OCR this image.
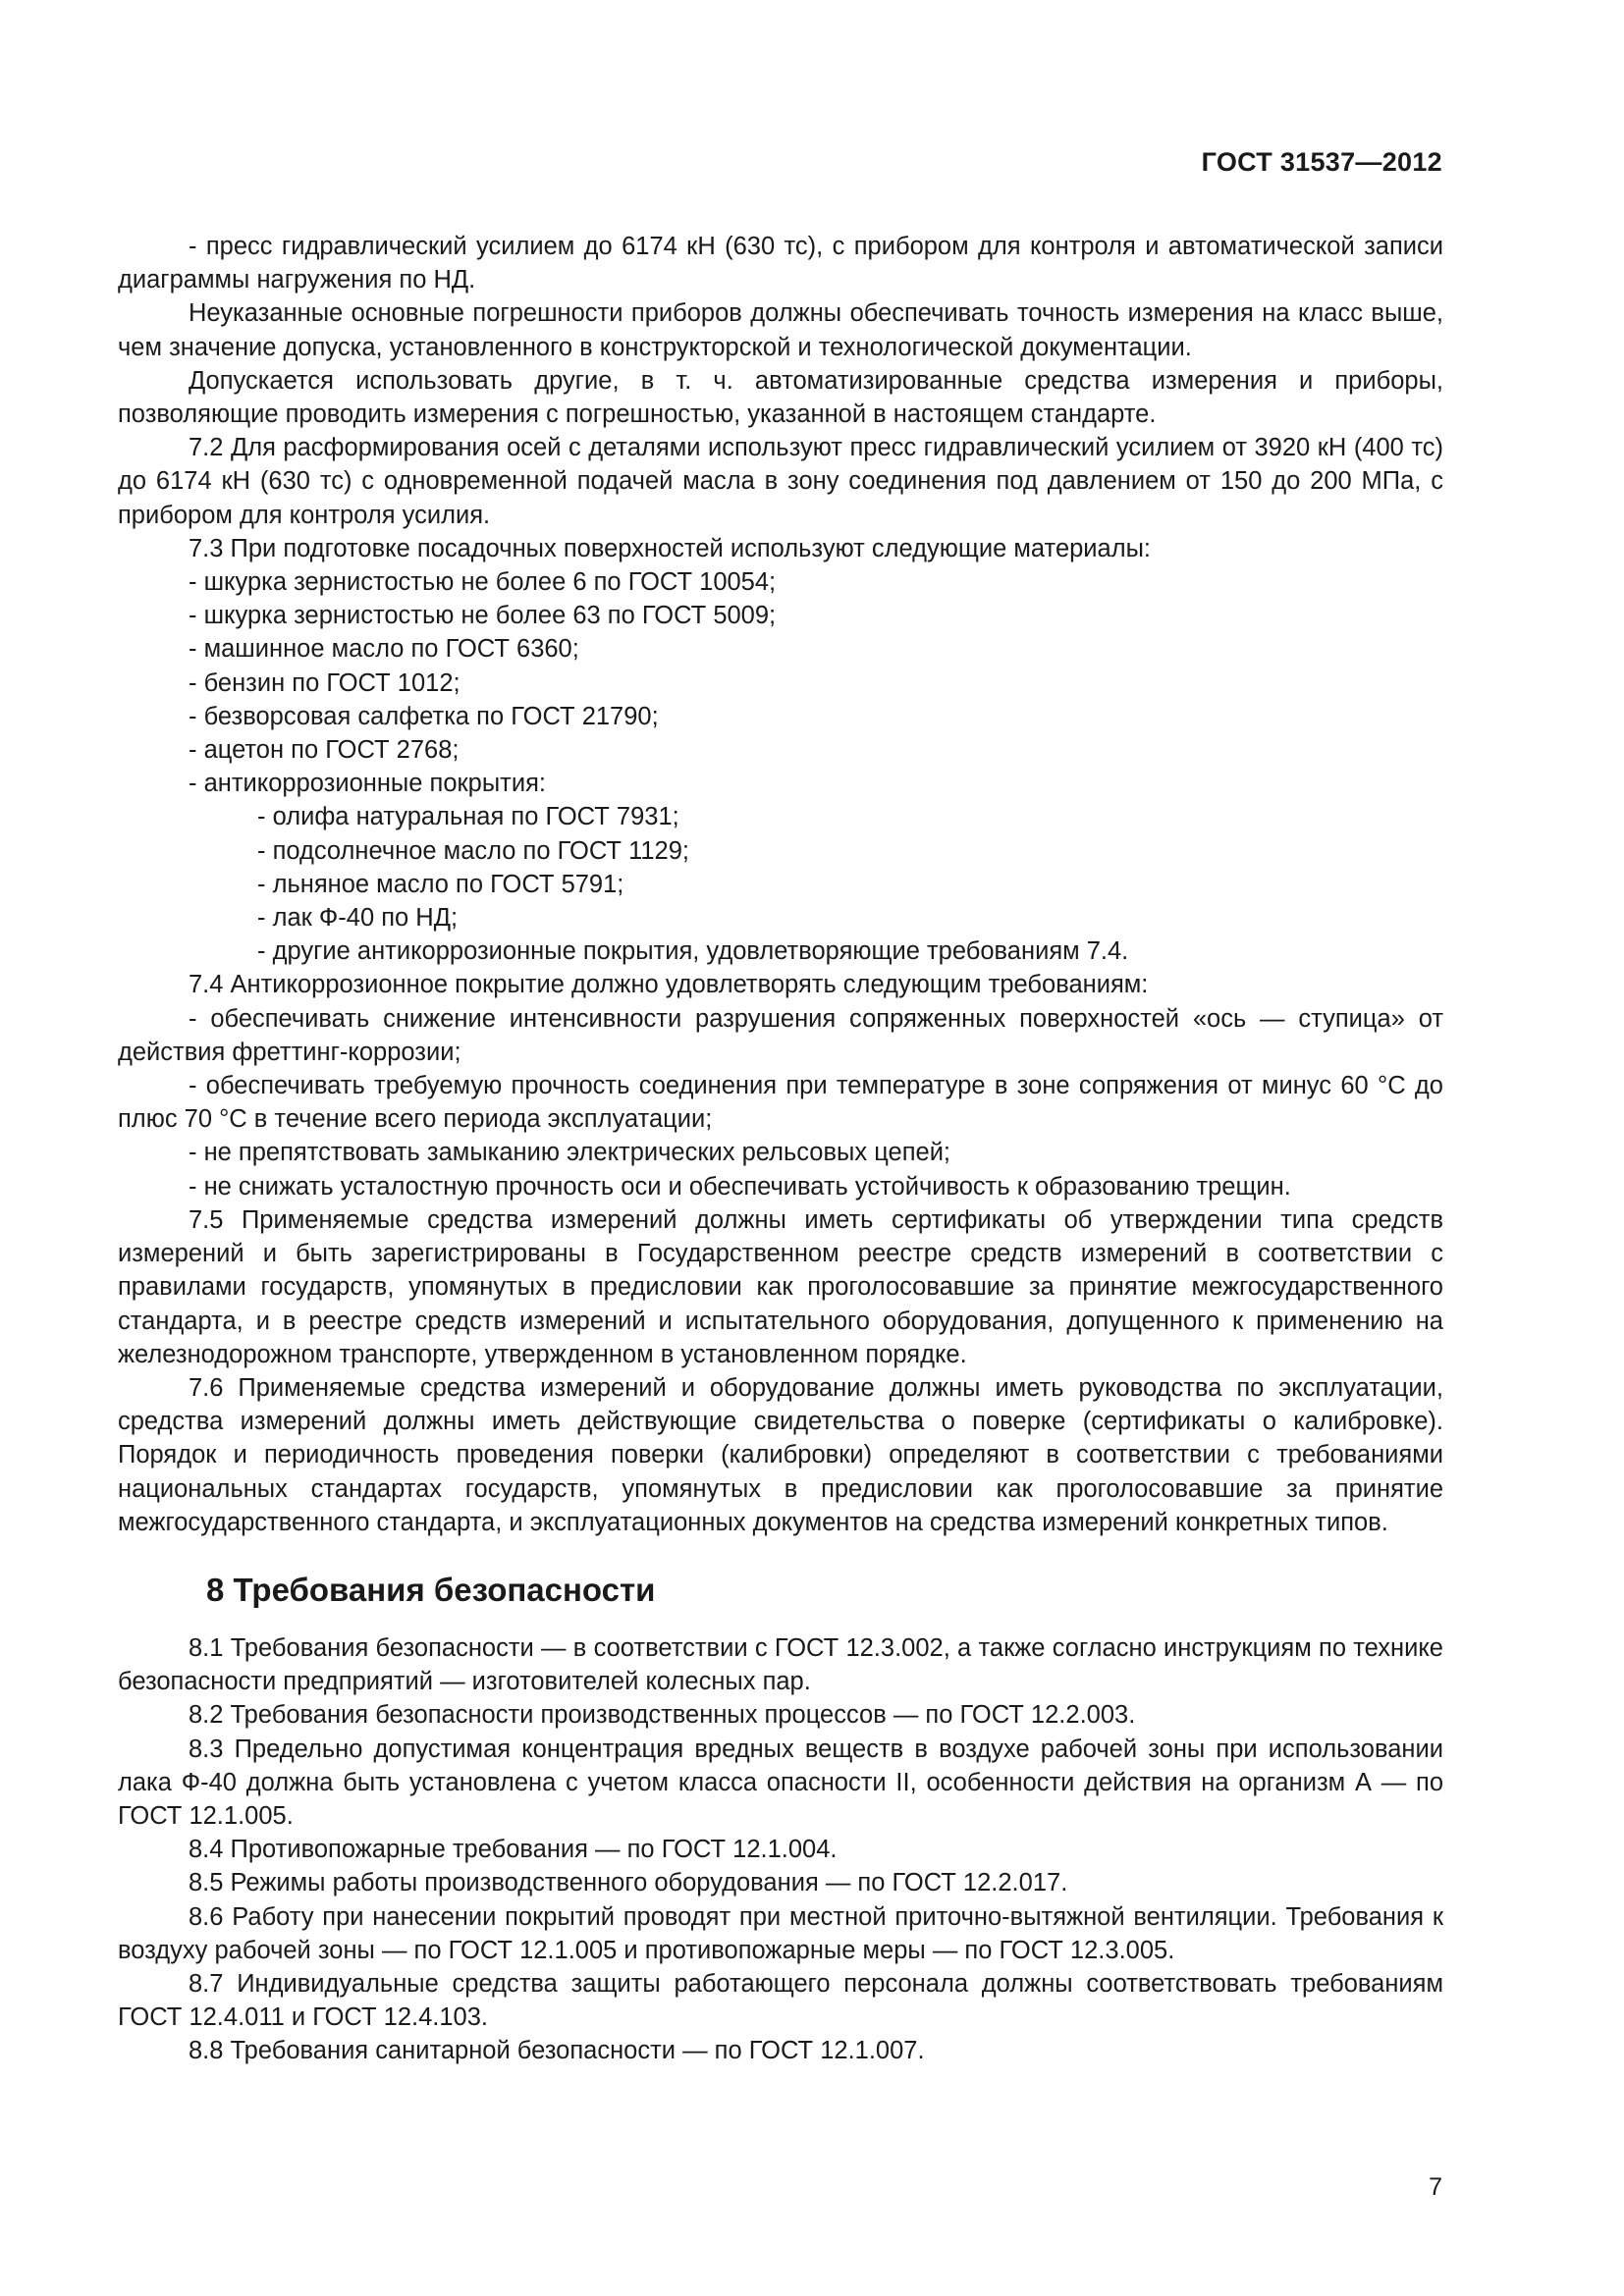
ГОСТ 31537—2012

- пресс гидравлический усилием до 6174 кН (630 тс), с прибором для контроля и автоматической записи диаграммы нагружения по НД.

Неуказанные основные погрешности приборов должны обеспечивать точность измерения на класс выше, чем значение допуска, установленного в конструкторской и технологической документации.

Допускается использовать другие, в т. ч. автоматизированные средства измерения и приборы, позволяющие проводить измерения с погрешностью, указанной в настоящем стандарте.

7.2 Для расформирования осей с деталями используют пресс гидравлический усилием от 3920 кН (400 тс) до 6174 кН (630 тс) с одновременной подачей масла в зону соединения под давлением от 150 до 200 МПа, с прибором для контроля усилия.

7.3 При подготовке посадочных поверхностей используют следующие материалы:

- шкурка зернистостью не более 6 по ГОСТ 10054;

- шкурка зернистостью не более 63 по ГОСТ 5009;

- машинное масло по ГОСТ 6360;

- бензин по ГОСТ 1012;

- безворсовая салфетка по ГОСТ 21790;

- ацетон по ГОСТ 2768;

- антикоррозионные покрытия:

- олифа натуральная по ГОСТ 7931;

- подсолнечное масло по ГОСТ 1129;

- льняное масло по ГОСТ 5791;

- лак Ф-40 по НД;

- другие антикоррозионные покрытия, удовлетворяющие требованиям 7.4.

7.4 Антикоррозионное покрытие должно удовлетворять следующим требованиям:

- обеспечивать снижение интенсивности разрушения сопряженных поверхностей «ось — ступица» от действия фреттинг-коррозии;

- обеспечивать требуемую прочность соединения при температуре в зоне сопряжения от минус 60 °С до плюс 70 °С в течение всего периода эксплуатации;

- не препятствовать замыканию электрических рельсовых цепей;

- не снижать усталостную прочность оси и обеспечивать устойчивость к образованию трещин.

7.5 Применяемые средства измерений должны иметь сертификаты об утверждении типа средств измерений и быть зарегистрированы в Государственном реестре средств измерений в соответствии с правилами государств, упомянутых в предисловии как проголосовавшие за принятие межгосударственного стандарта, и в реестре средств измерений и испытательного оборудования, допущенного к применению на железнодорожном транспорте, утвержденном в установленном порядке.

7.6 Применяемые средства измерений и оборудование должны иметь руководства по эксплуатации, средства измерений должны иметь действующие свидетельства о поверке (сертификаты о калибровке). Порядок и периодичность проведения поверки (калибровки) определяют в соответствии с требованиями национальных стандартах государств, упомянутых в предисловии как проголосовавшие за принятие межгосударственного стандарта, и эксплуатационных документов на средства измерений конкретных типов.

8 Требования безопасности

8.1 Требования безопасности — в соответствии с ГОСТ 12.3.002, а также согласно инструкциям по технике безопасности предприятий — изготовителей колесных пар.

8.2 Требования безопасности производственных процессов — по ГОСТ 12.2.003.

8.3 Предельно допустимая концентрация вредных веществ в воздухе рабочей зоны при использовании лака Ф-40 должна быть установлена с учетом класса опасности II, особенности действия на организм А — по ГОСТ 12.1.005.

8.4 Противопожарные требования — по ГОСТ 12.1.004.

8.5 Режимы работы производственного оборудования — по ГОСТ 12.2.017.

8.6 Работу при нанесении покрытий проводят при местной приточно-вытяжной вентиляции. Требования к воздуху рабочей зоны — по ГОСТ 12.1.005 и противопожарные меры — по ГОСТ 12.3.005.

8.7 Индивидуальные средства защиты работающего персонала должны соответствовать требованиям ГОСТ 12.4.011 и ГОСТ 12.4.103.

8.8 Требования санитарной безопасности — по ГОСТ 12.1.007.

7
